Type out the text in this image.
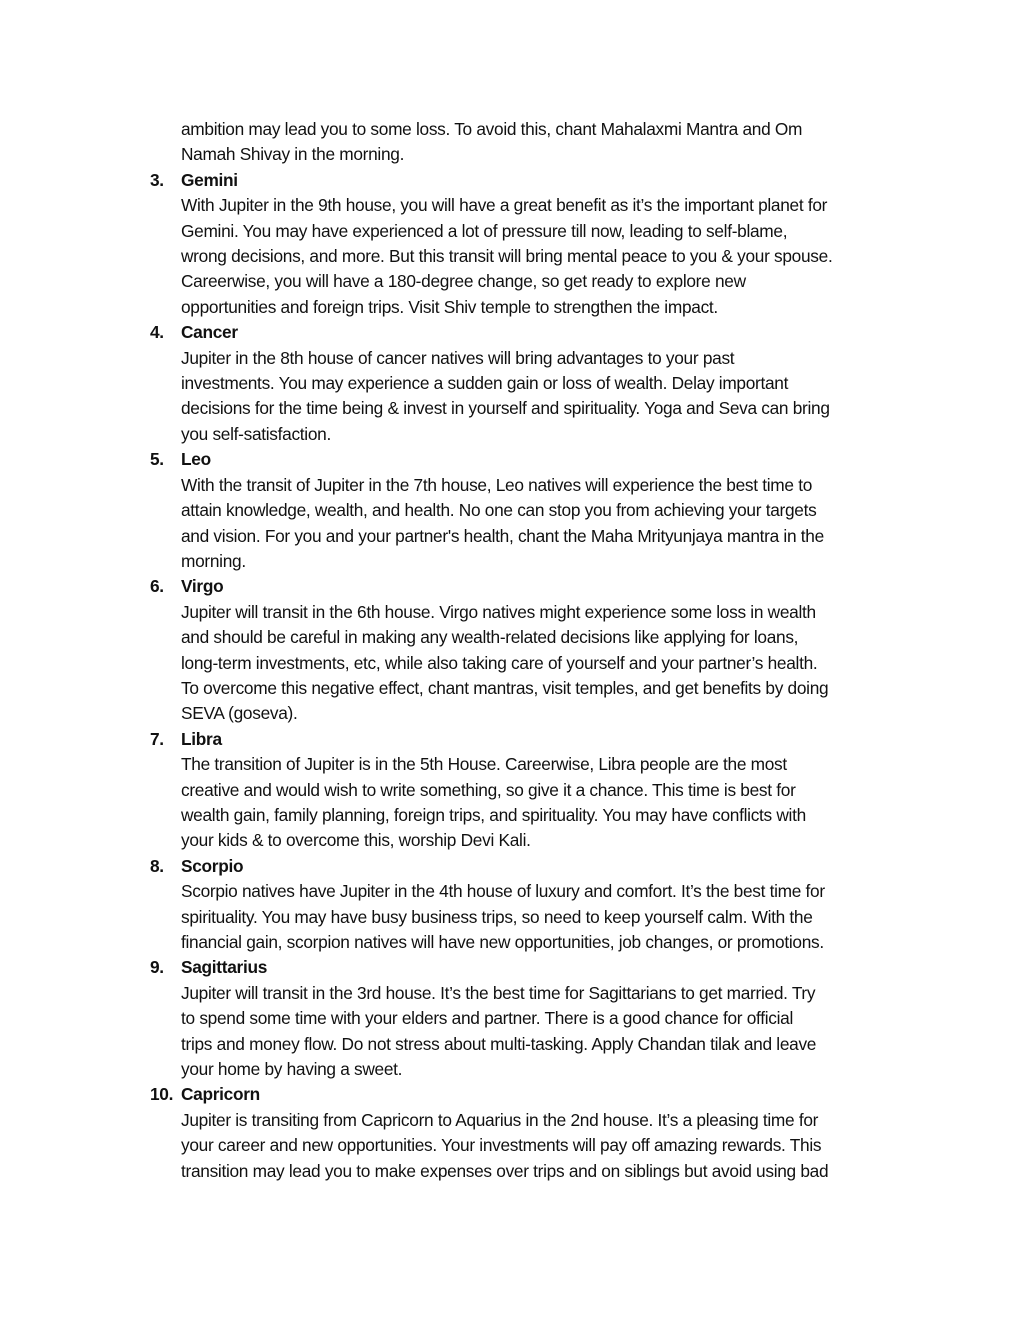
ambition may lead you to some loss. To avoid this, chant Mahalaxmi Mantra and Om
Namah Shivay in the morning.

3. Gemini

With Jupiter in the 9th house, you will have a great benefit as it’s the important planet for
Gemini. You may have experienced a lot of pressure till now, leading to self-blame,
wrong decisions, and more. But this transit will bring mental peace to you & your spouse.
Careerwise, you will have a 180-degree change, so get ready to explore new
opportunities and foreign trips. Visit Shiv temple to strengthen the impact.

4. Cancer

Jupiter in the 8th house of cancer natives will bring advantages to your past
investments. You may experience a sudden gain or loss of wealth. Delay important
decisions for the time being & invest in yourself and spirituality. Yoga and Seva can bring
you self-satisfaction.

5. Leo

With the transit of Jupiter in the 7th house, Leo natives will experience the best time to
attain knowledge, wealth, and health. No one can stop you from achieving your targets
and vision. For you and your partner's health, chant the Maha Mrityunjaya mantra in the
morning.

6. Virgo

Jupiter will transit in the 6th house. Virgo natives might experience some loss in wealth
and should be careful in making any wealth-related decisions like applying for loans,
long-term investments, etc, while also taking care of yourself and your partner’s health.
To overcome this negative effect, chant mantras, visit temples, and get benefits by doing
SEVA (goseva).

7. Libra

The transition of Jupiter is in the 5th House. Careerwise, Libra people are the most
creative and would wish to write something, so give it a chance. This time is best for
wealth gain, family planning, foreign trips, and spirituality. You may have conflicts with
your kids & to overcome this, worship Devi Kali.

8. Scorpio

Scorpio natives have Jupiter in the 4th house of luxury and comfort. It’s the best time for
spirituality. You may have busy business trips, so need to keep yourself calm. With the
financial gain, scorpion natives will have new opportunities, job changes, or promotions.

9. Sagittarius

Jupiter will transit in the 3rd house. It’s the best time for Sagittarians to get married. Try
to spend some time with your elders and partner. There is a good chance for official
trips and money flow. Do not stress about multi-tasking. Apply Chandan tilak and leave
your home by having a sweet.

10. Capricorn

Jupiter is transiting from Capricorn to Aquarius in the 2nd house. It’s a pleasing time for
your career and new opportunities. Your investments will pay off amazing rewards. This
transition may lead you to make expenses over trips and on siblings but avoid using bad
